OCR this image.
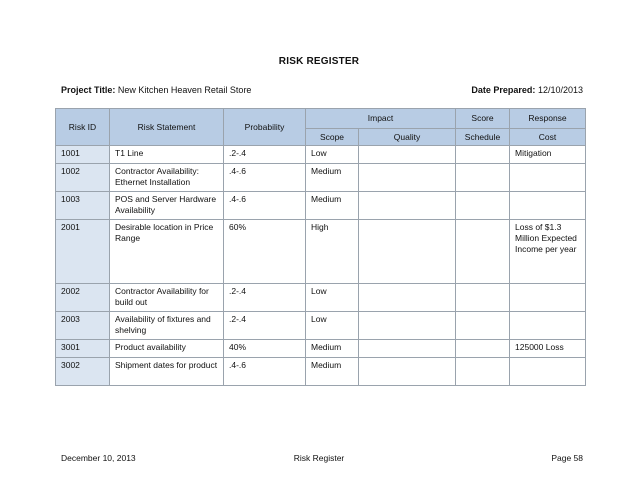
RISK REGISTER
Project Title: New Kitchen Heaven Retail Store	Date Prepared: 12/10/2013
Risk ID	Risk Statement	Probability	Impact		Score	Response
			Scope	Quality	Schedule	Cost
1001	T1 Line	.2-.4	Low			Mitigation
1002	Contractor Availability: Ethernet Installation	.4-.6	Medium			
1003	POS and Server Hardware Availability	.4-.6	Medium			
2001	Desirable location in Price Range	60%	High			Loss of $1.3 Million Expected Income per year
2002	Contractor Availability for build out	.2-.4	Low			
2003	Availability of fixtures and shelving	.2-.4	Low			
3001	Product availability	40%	Medium			125000 Loss
3002	Shipment dates for product	.4-.6	Medium			
December 10, 2013	Risk Register	Page 58
